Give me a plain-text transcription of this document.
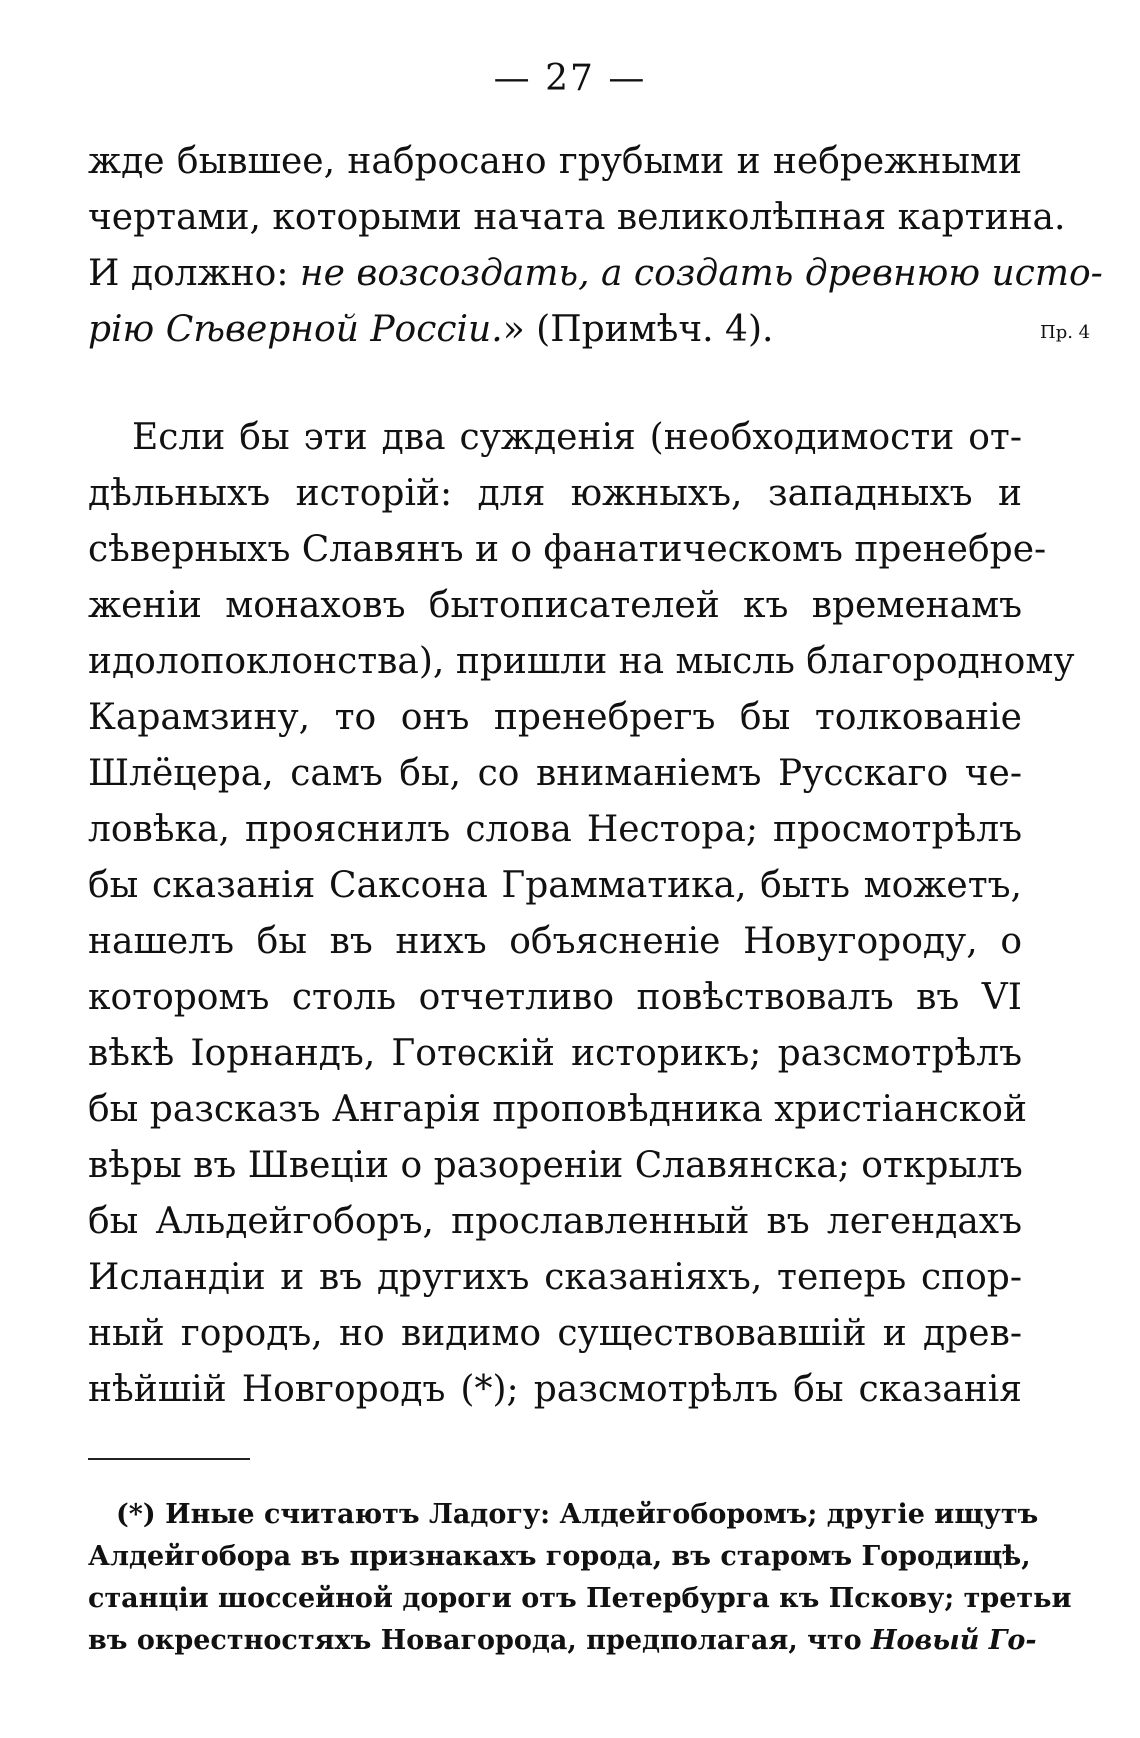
— 27 —
жде бывшее, набросано грубыми и небрежными
чертами, которыми начата великолѣпная картина.
И должно: не возсоздать, а создать древнюю исто-
рію Сѣверной Россіи.» (Примѣч. 4).	Пр. 4
Если бы эти два сужденія (необходимости от-
дѣльныхъ исторій: для южныхъ, западныхъ и
сѣверныхъ Славянъ и о фанатическомъ пренебре-
женіи монаховъ бытописателей къ временамъ
идолопоклонства), пришли на мысль благородному
Карамзину, то онъ пренебрегъ бы толкованіе
Шлёцера, самъ бы, со вниманіемъ Русскаго че-
ловѣка, прояснилъ слова Нестора; просмотрѣлъ
бы сказанія Саксона Грамматика, быть можетъ,
нашелъ бы въ нихъ объясненіе Новугороду, о
которомъ столь отчетливо повѣствовалъ въ VI
вѣкѣ Іорнандъ, Готѳскій историкъ; разсмотрѣлъ
бы разсказъ Ангарія проповѣдника христіанской
вѣры въ Швеціи о разореніи Славянска; открылъ
бы Альдейгоборъ, прославленный въ легендахъ
Исландіи и въ другихъ сказаніяхъ, теперь спор-
ный городъ, но видимо существовавшій и древ-
нѣйшій Новгородъ (*); разсмотрѣлъ бы сказанія
(*) Иные считаютъ Ладогу: Алдейгоборомъ; другіе ищутъ
Алдейгобора въ признакахъ города, въ старомъ Городищѣ,
станціи шоссейной дороги отъ Петербурга къ Пскову; третьи
въ окрестностяхъ Новагорода, предполагая, что Новый Го-
